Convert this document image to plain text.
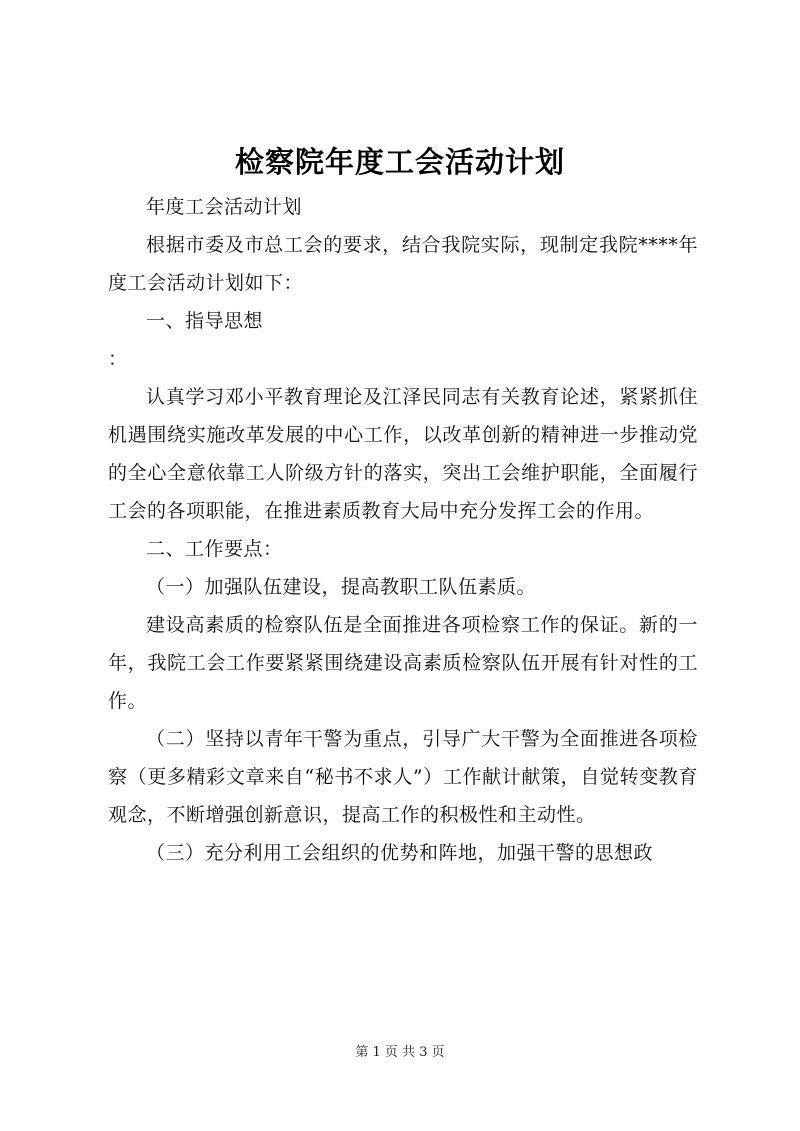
检察院年度工会活动计划

年度工会活动计划

根据市委及市总工会的要求，结合我院实际，现制定我院****年度工会活动计划如下：

一、指导思想

：

认真学习邓小平教育理论及江泽民同志有关教育论述，紧紧抓住机遇围绕实施改革发展的中心工作，以改革创新的精神进一步推动党的全心全意依靠工人阶级方针的落实，突出工会维护职能，全面履行工会的各项职能，在推进素质教育大局中充分发挥工会的作用。

二、工作要点：

（一）加强队伍建设，提高教职工队伍素质。

建设高素质的检察队伍是全面推进各项检察工作的保证。新的一年，我院工会工作要紧紧围绕建设高素质检察队伍开展有针对性的工作。

（二）坚持以青年干警为重点，引导广大干警为全面推进各项检察（更多精彩文章来自“秘书不求人”）工作献计献策，自觉转变教育观念，不断增强创新意识，提高工作的积极性和主动性。

（三）充分利用工会组织的优势和阵地，加强干警的思想政

第 1 页 共 3 页
